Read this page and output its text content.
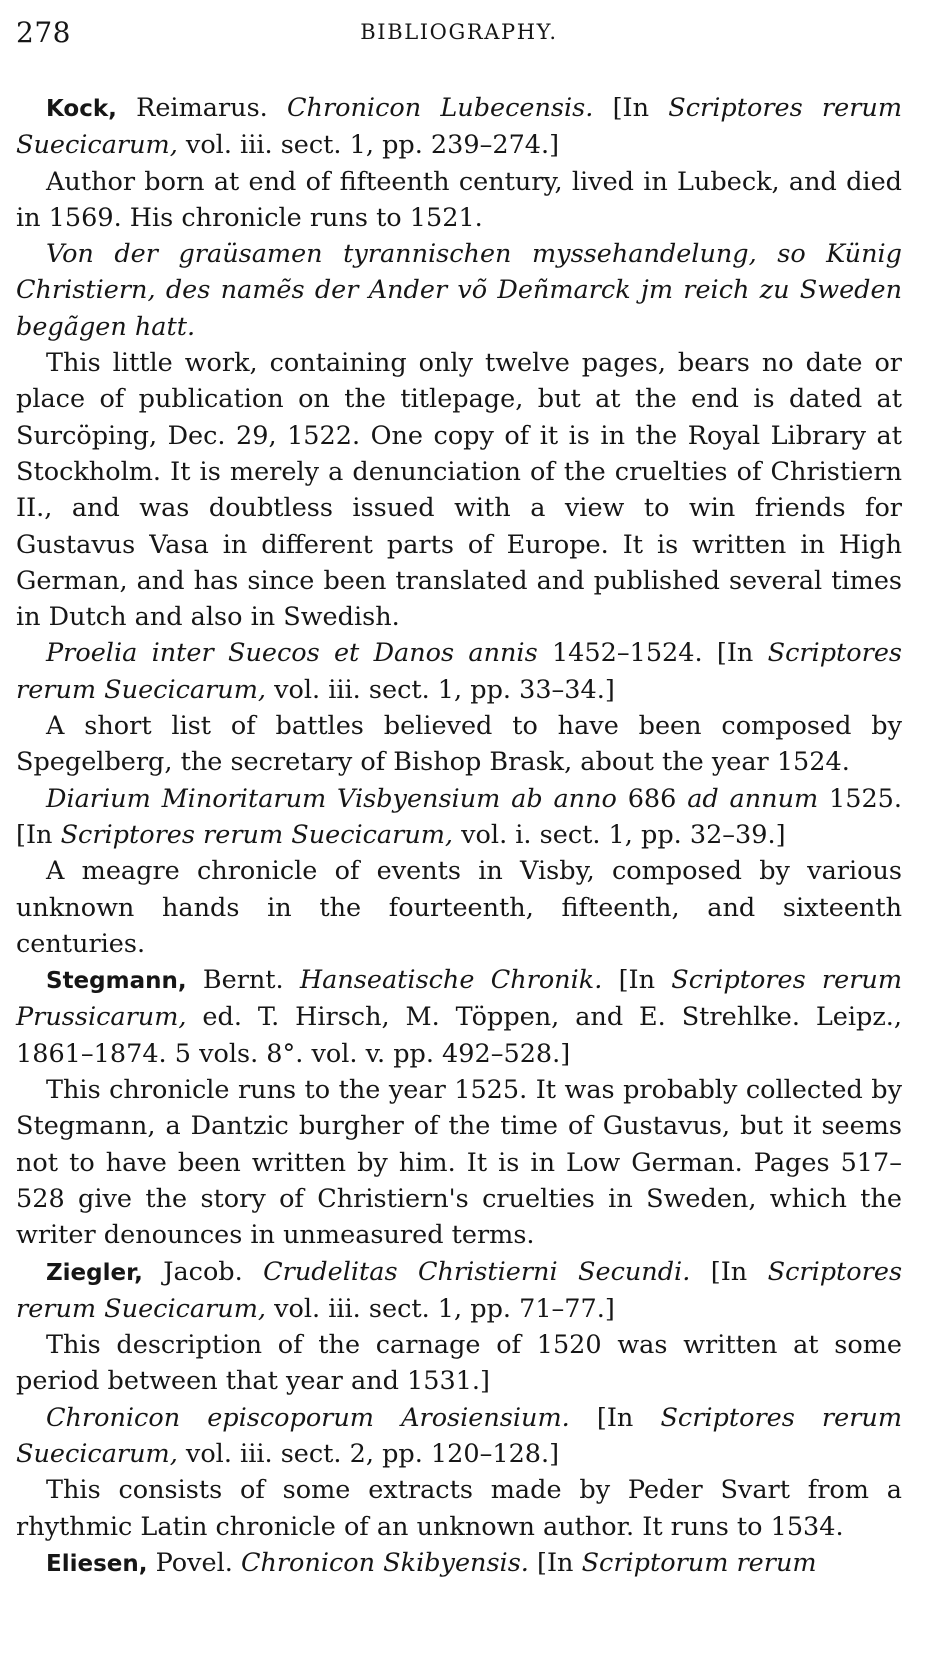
278	BIBLIOGRAPHY.

Kock, Reimarus. Chronicon Lubecensis. [In Scriptores rerum Suecicarum, vol. iii. sect. 1, pp. 239–274.]

Author born at end of fifteenth century, lived in Lubeck, and died in 1569. His chronicle runs to 1521.

Von der graüsamen tyrannischen myssehandelung, so Künig Christiern, des namẽs der Ander võ Deñmarck jm reich zu Sweden begãgen hatt.

This little work, containing only twelve pages, bears no date or place of publication on the titlepage, but at the end is dated at Surcöping, Dec. 29, 1522. One copy of it is in the Royal Library at Stockholm. It is merely a denunciation of the cruelties of Christiern II., and was doubtless issued with a view to win friends for Gustavus Vasa in different parts of Europe. It is written in High German, and has since been translated and published several times in Dutch and also in Swedish.

Proelia inter Suecos et Danos annis 1452–1524. [In Scriptores rerum Suecicarum, vol. iii. sect. 1, pp. 33–34.]

A short list of battles believed to have been composed by Spegelberg, the secretary of Bishop Brask, about the year 1524.

Diarium Minoritarum Visbyensium ab anno 686 ad annum 1525. [In Scriptores rerum Suecicarum, vol. i. sect. 1, pp. 32–39.]

A meagre chronicle of events in Visby, composed by various unknown hands in the fourteenth, fifteenth, and sixteenth centuries.

Stegmann, Bernt. Hanseatische Chronik. [In Scriptores rerum Prussicarum, ed. T. Hirsch, M. Töppen, and E. Strehlke. Leipz., 1861–1874. 5 vols. 8°. vol. v. pp. 492–528.]

This chronicle runs to the year 1525. It was probably collected by Stegmann, a Dantzic burgher of the time of Gustavus, but it seems not to have been written by him. It is in Low German. Pages 517–528 give the story of Christiern's cruelties in Sweden, which the writer denounces in unmeasured terms.

Ziegler, Jacob. Crudelitas Christierni Secundi. [In Scriptores rerum Suecicarum, vol. iii. sect. 1, pp. 71–77.]

This description of the carnage of 1520 was written at some period between that year and 1531.]

Chronicon episcoporum Arosiensium. [In Scriptores rerum Suecicarum, vol. iii. sect. 2, pp. 120–128.]

This consists of some extracts made by Peder Svart from a rhythmic Latin chronicle of an unknown author. It runs to 1534.

Eliesen, Povel. Chronicon Skibyensis. [In Scriptorum rerum
